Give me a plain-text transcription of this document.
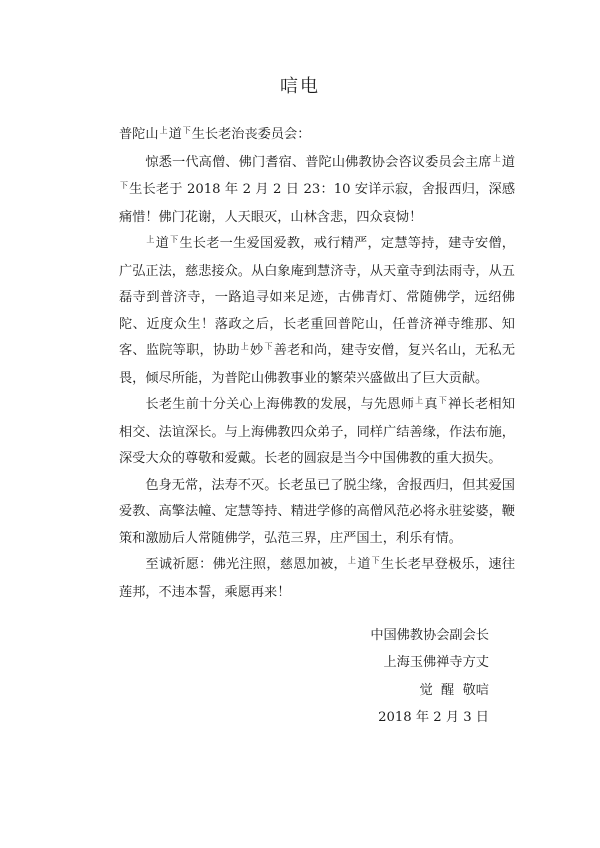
唁电

普陀山$^上$道$^下$生长老治丧委员会：

惊悉一代高僧、佛门耆宿、普陀山佛教协会咨议委员会主席$^上$道$^下$生长老于 2018 年 2 月 2 日 23：10 安详示寂，舍报西归，深感痛惜！佛门花谢，人天眼灭，山林含悲，四众哀恸！

$^上$道$^下$生长老一生爱国爱教，戒行精严，定慧等持，建寺安僧，广弘正法，慈悲接众。从白象庵到慧济寺，从天童寺到法雨寺，从五磊寺到普济寺，一路追寻如来足迹，古佛青灯、常随佛学，远绍佛陀、近度众生！落政之后，长老重回普陀山，任普济禅寺维那、知客、监院等职，协助$^上$妙$^下$善老和尚，建寺安僧，复兴名山，无私无畏，倾尽所能，为普陀山佛教事业的繁荣兴盛做出了巨大贡献。

长老生前十分关心上海佛教的发展，与先恩师$^上$真$^下$禅长老相知相交、法谊深长。与上海佛教四众弟子，同样广结善缘，作法布施，深受大众的尊敬和爱戴。长老的圆寂是当今中国佛教的重大损失。

色身无常，法寿不灭。长老虽已了脱尘缘，舍报西归，但其爱国爱教、高擎法幢、定慧等持、精进学修的高僧风范必将永驻娑婆，鞭策和激励后人常随佛学，弘范三界，庄严国土，利乐有情。

至诚祈愿：佛光注照，慈恩加被，$^上$道$^下$生长老早登极乐，速往莲邦，不违本誓，乘愿再来！

中国佛教协会副会长
上海玉佛禅寺方丈
觉  醒  敬唁
2018 年 2 月 3 日
